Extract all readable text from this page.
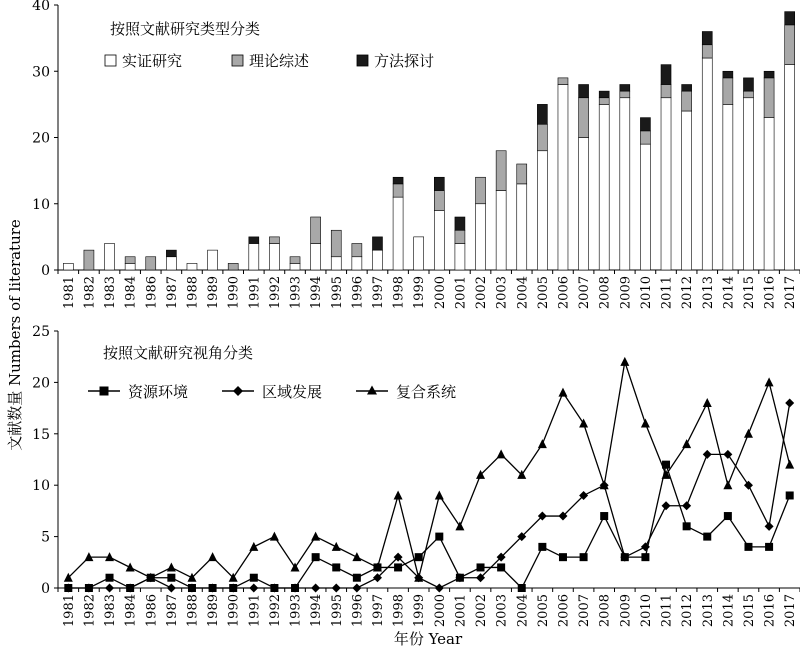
文献数量 Numbers of literature
年份 Year
0
10
20
30
40
1981 1982 1983 1984 1986 1987 1988 1989 1990 1991 1992 1993 1994 1995 1996 1997 1998 1999 2000 2001 2002 2003 2004 2005 2006 2007 2008 2009 2010 2011 2012 2013 2014 2015 2016 2017
按照文献研究类型分类
实证研究	理论综述	方法探讨
0
5
10
15
20
25
1981 1982 1983 1984 1986 1987 1988 1989 1990 1991 1992 1993 1994 1995 1996 1997 1998 1999 2000 2001 2002 2003 2004 2005 2006 2007 2008 2009 2010 2011 2012 2013 2014 2015 2016 2017
按照文献研究视角分类
资源环境	区域发展	复合系统
